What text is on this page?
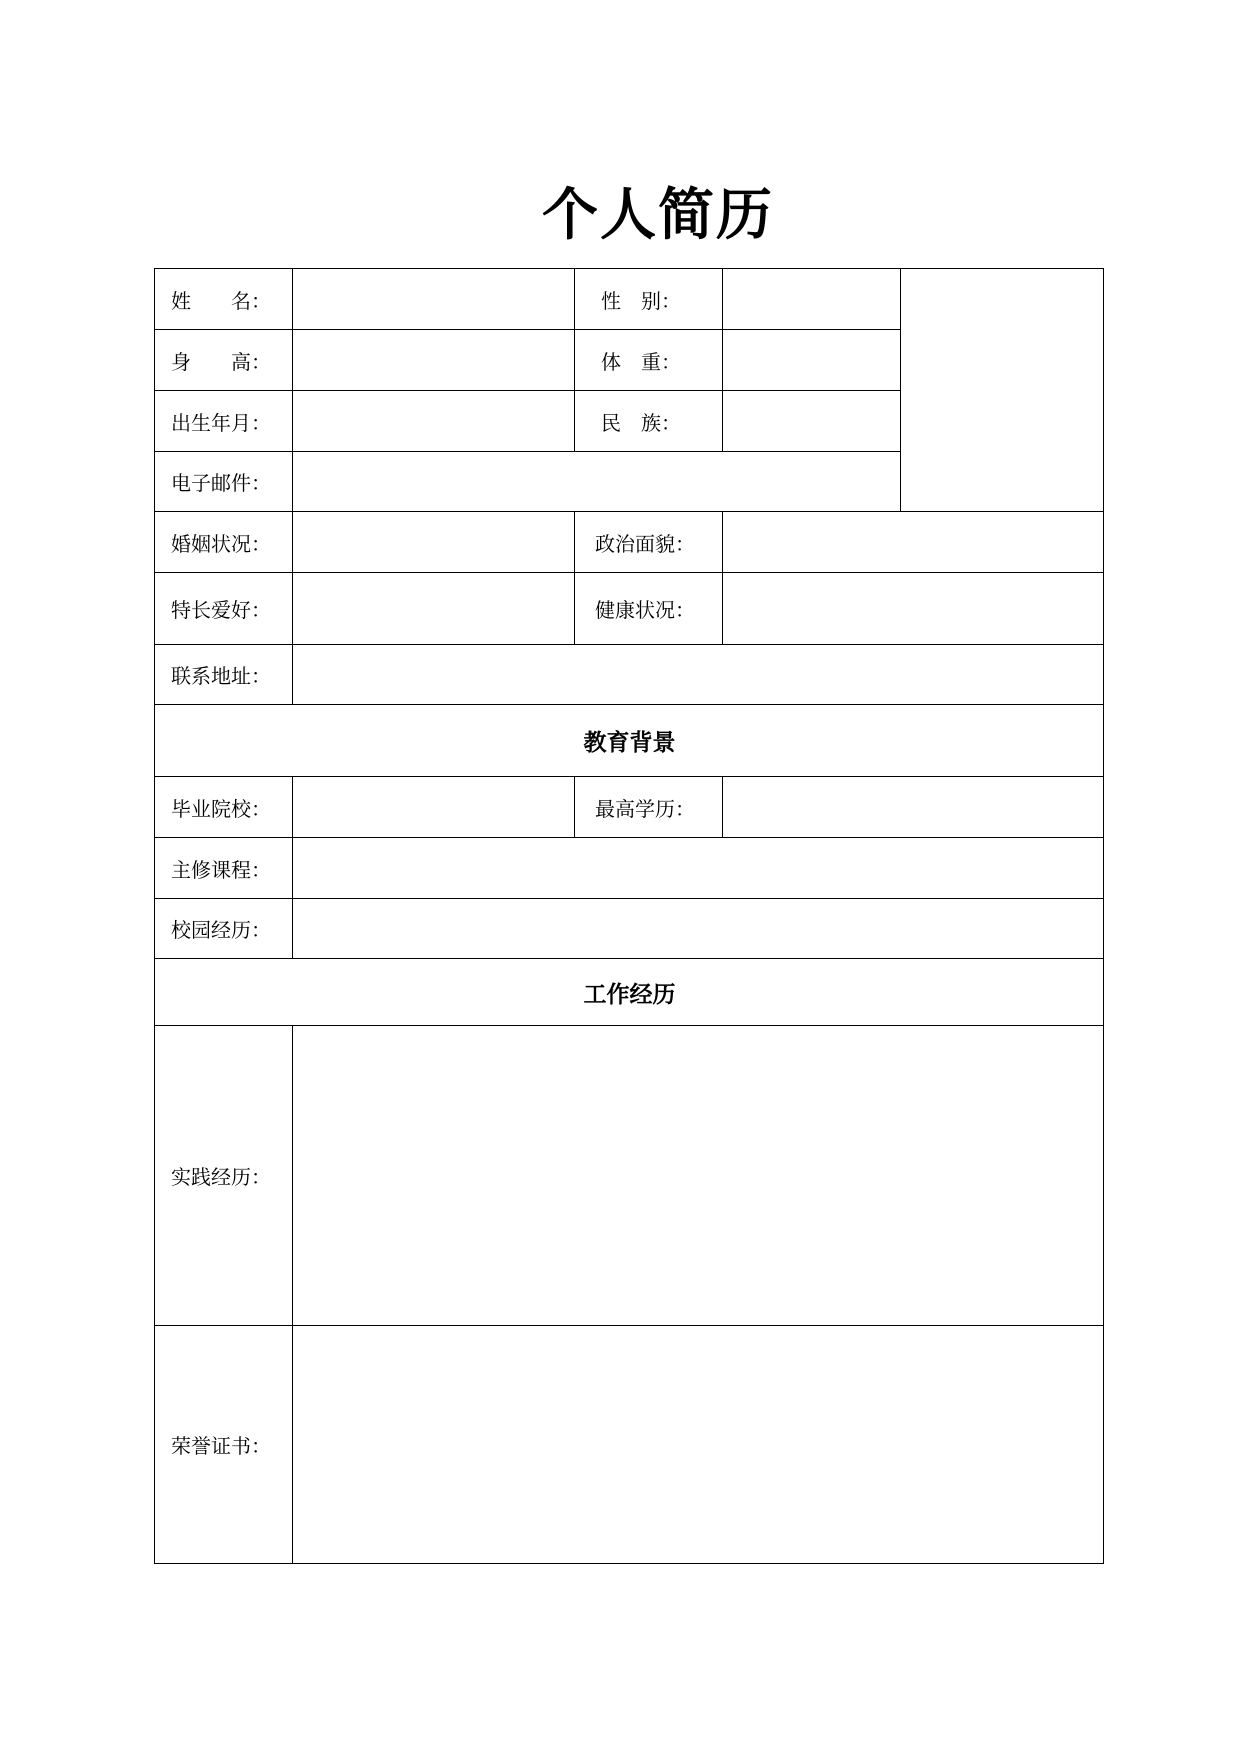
个人简历
姓　　名：	性　别：
身　　高：	体　重：
出生年月：	民　族：
电子邮件：
婚姻状况：	政治面貌：
特长爱好：	健康状况：
联系地址：
教育背景
毕业院校：	最高学历：
主修课程：
校园经历：
工作经历
实践经历：
荣誉证书：
